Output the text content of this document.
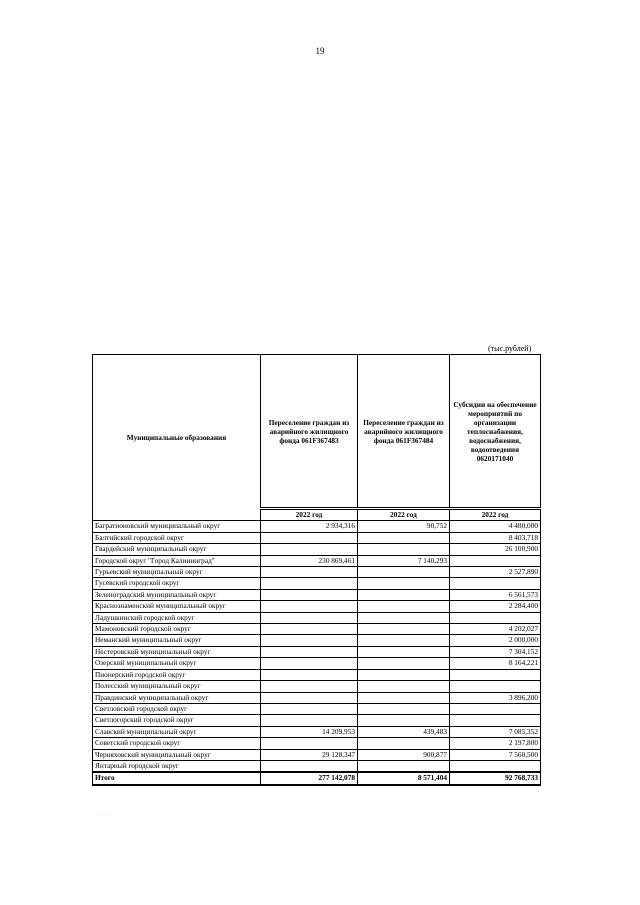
19
(тыс.рублей)
Муниципальные образования	Переселение граждан из аварийного жилищного фонда 061F367483	Переселение граждан из аварийного жилищного фонда 061F367484	Субсидии на обеспечение мероприятий по организации теплоснабжения, водоснабжения, водоотведения 0620171040
	2022 год	2022 год	2022 год
Багратионовский муниципальный округ	2 934,316	90,752	4 480,000
Балтийский городской округ			8 403,718
Гвардейский муниципальный округ			26 100,900
Городской округ "Город Калининград"	230 869,461	7 140,293	
Гурьевский муниципальный округ			2 527,890
Гусевский городской округ			
Зеленоградский муниципальный округ			6 561,573
Краснознаменский муниципальный округ			2 284,400
Ладушкинский городской округ			
Мамоновский городской округ			4 202,027
Неманский муниципальный округ			2 000,000
Нестеровский муниципальный округ			7 304,152
Озерский муниципальный округ			8 164,221
Пионерский городской округ			
Полесский муниципальный округ			
Правдинский муниципальный округ			3 896,200
Светловский городской округ			
Светлогорский городской округ			
Славский муниципальный округ	14 209,953	439,483	7 085,352
Советский городской округ			2 197,800
Черняховский муниципальный округ	29 128,347	900,877	7 560,500
Янтарный городской округ			
Итого	277 142,078	8 571,404	92 768,733
· · · · ·
